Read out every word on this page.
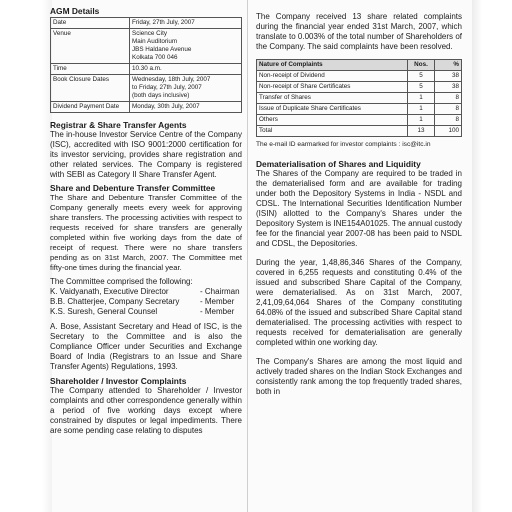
AGM Details
Date	Friday, 27th July, 2007
Venue	Science City
Main Auditorium
JBS Haldane Avenue
Kolkata 700 046
Time	10.30 a.m.
Book Closure Dates	Wednesday, 18th July, 2007
to Friday, 27th July, 2007
(both days inclusive)
Dividend Payment Date	Monday, 30th July, 2007
Registrar & Share Transfer Agents

The in-house Investor Service Centre of the Company (ISC), accredited with ISO 9001:2000 certification for its investor servicing, provides share registration and other related services. The Company is registered with SEBI as Category II Share Transfer Agent.

Share and Debenture Transfer Committee

The Share and Debenture Transfer Committee of the Company generally meets every week for approving share transfers. The processing activities with respect to requests received for share transfers are generally completed within five working days from the date of receipt of request. There were no share transfers pending as on 31st March, 2007. The Committee met fifty-one times during the financial year.

The Committee comprised the following:

K. Vaidyanath, Executive Director	- Chairman
B.B. Chatterjee, Company Secretary	- Member
K.S. Suresh, General Counsel	- Member

A. Bose, Assistant Secretary and Head of ISC, is the Secretary to the Committee and is also the Compliance Officer under Securities and Exchange Board of India (Registrars to an Issue and Share Transfer Agents) Regulations, 1993.

Shareholder / Investor Complaints

The Company attended to Shareholder / Investor complaints and other correspondence generally within a period of five working days except where constrained by disputes or legal impediments. There are some pending case relating to disputes

The Company received 13 share related complaints during the financial year ended 31st March, 2007, which translate to 0.003% of the total number of Shareholders of the Company. The said complaints have been resolved.

Nature of Complaints	Nos.	%
Non-receipt of Dividend	5	38
Non-receipt of Share Certificates	5	38
Transfer of Shares	1	8
Issue of Duplicate Share Certificates	1	8
Others	1	8
Total	13	100

The e-mail ID earmarked for investor complaints : isc@itc.in

Dematerialisation of Shares and Liquidity

The Shares of the Company are required to be traded in the dematerialised form and are available for trading under both the Depository Systems in India - NSDL and CDSL. The International Securities Identification Number (ISIN) allotted to the Company's Shares under the Depository System is INE154A01025. The annual custody fee for the financial year 2007-08 has been paid to NSDL and CDSL, the Depositories.

During the year, 1,48,86,346 Shares of the Company, covered in 6,255 requests and constituting 0.4% of the issued and subscribed Share Capital of the Company, were dematerialised. As on 31st March, 2007, 2,41,09,64,064 Shares of the Company constituting 64.08% of the issued and subscribed Share Capital stand dematerialised. The processing activities with respect to requests received for dematerialisation are generally completed within one working day.

The Company's Shares are among the most liquid and actively traded shares on the Indian Stock Exchanges and consistently rank among the top frequently traded shares, both in
